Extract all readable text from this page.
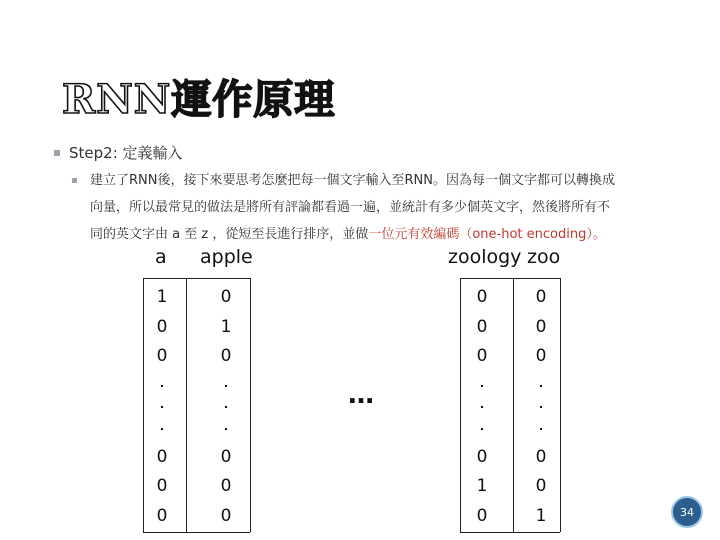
RNN運作原理
Step2: 定義輸入
建立了RNN後，接下來要思考怎麼把每一個文字輸入至RNN。因為每一個文字都可以轉換成
向量，所以最常見的做法是將所有評論都看過一遍，並統計有多少個英文字，然後將所有不
同的英文字由 a 至 z ，從短至長進行排序，並做一位元有效編碼（one-hot encoding）。
a apple	zoology zoo
1
0
0
0
0
0
0
1
0
0
0
0
…
0
0
0
0
1
0
0
0
0
0
0
1	34
